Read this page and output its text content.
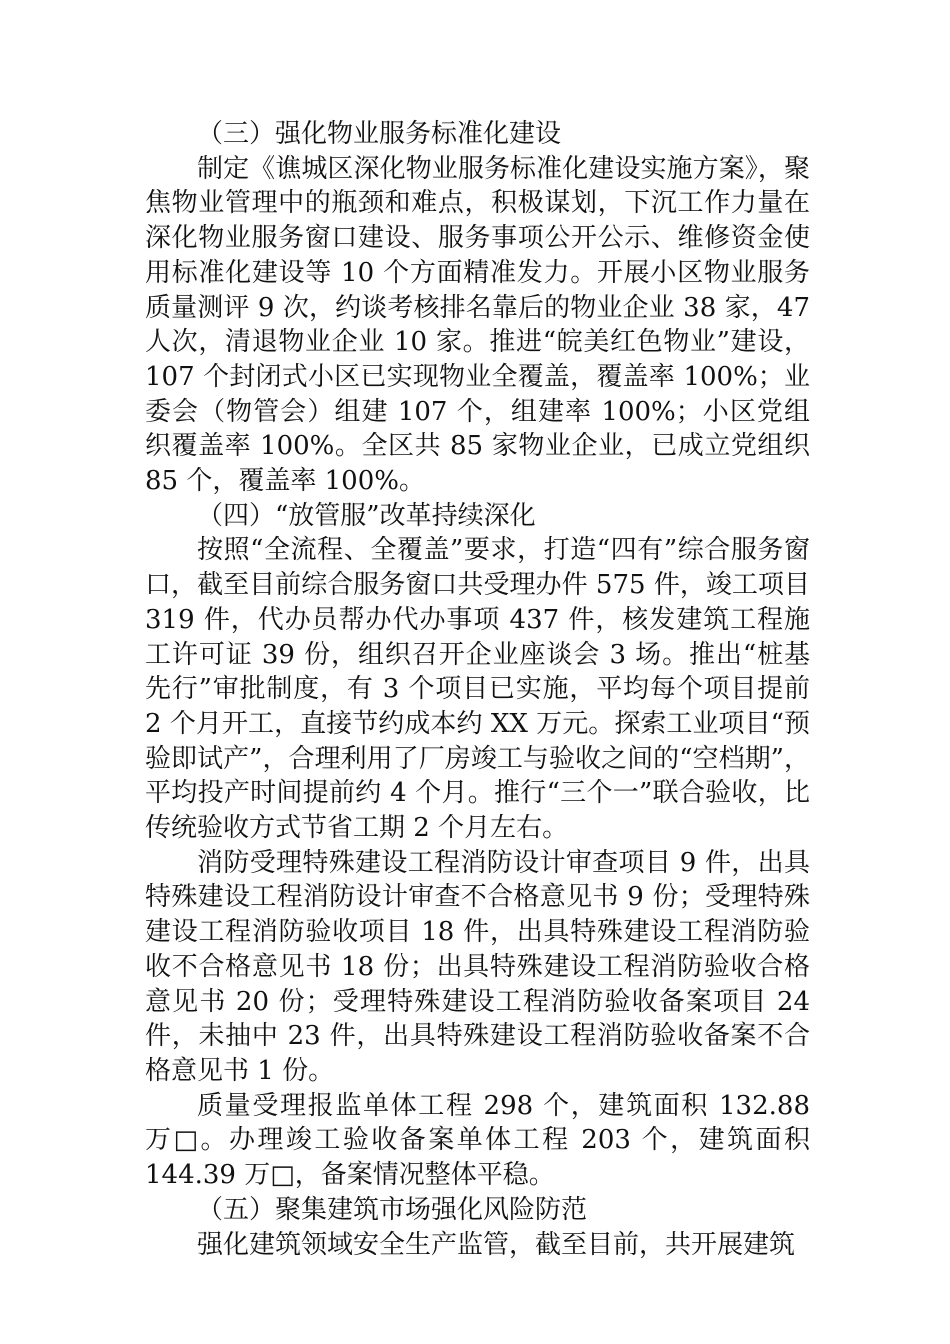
（三）强化物业服务标准化建设

制定《谯城区深化物业服务标准化建设实施方案》，聚焦物业管理中的瓶颈和难点，积极谋划，下沉工作力量在深化物业服务窗口建设、服务事项公开公示、维修资金使用标准化建设等 10 个方面精准发力。开展小区物业服务质量测评 9 次，约谈考核排名靠后的物业企业 38 家，47 人次，清退物业企业 10 家。推进“皖美红色物业”建设，107 个封闭式小区已实现物业全覆盖，覆盖率 100%；业委会（物管会）组建 107 个，组建率 100%；小区党组织覆盖率 100%。全区共 85 家物业企业，已成立党组织 85 个，覆盖率 100%。

（四）“放管服”改革持续深化

按照“全流程、全覆盖”要求，打造“四有”综合服务窗口，截至目前综合服务窗口共受理办件 575 件，竣工项目 319 件，代办员帮办代办事项 437 件，核发建筑工程施工许可证 39 份，组织召开企业座谈会 3 场。推出“桩基先行”审批制度，有 3 个项目已实施，平均每个项目提前 2 个月开工，直接节约成本约 XX 万元。探索工业项目“预验即试产”，合理利用了厂房竣工与验收之间的“空档期”，平均投产时间提前约 4 个月。推行“三个一”联合验收，比传统验收方式节省工期 2 个月左右。

消防受理特殊建设工程消防设计审查项目 9 件，出具特殊建设工程消防设计审查不合格意见书 9 份；受理特殊建设工程消防验收项目 18 件，出具特殊建设工程消防验收不合格意见书 18 份；出具特殊建设工程消防验收合格意见书 20 份；受理特殊建设工程消防验收备案项目 24 件，未抽中 23 件，出具特殊建设工程消防验收备案不合格意见书 1 份。

质量受理报监单体工程 298 个，建筑面积 132.88 万□。办理竣工验收备案单体工程 203 个，建筑面积 144.39 万□，备案情况整体平稳。

（五）聚集建筑市场强化风险防范

强化建筑领域安全生产监管，截至目前，共开展建筑
